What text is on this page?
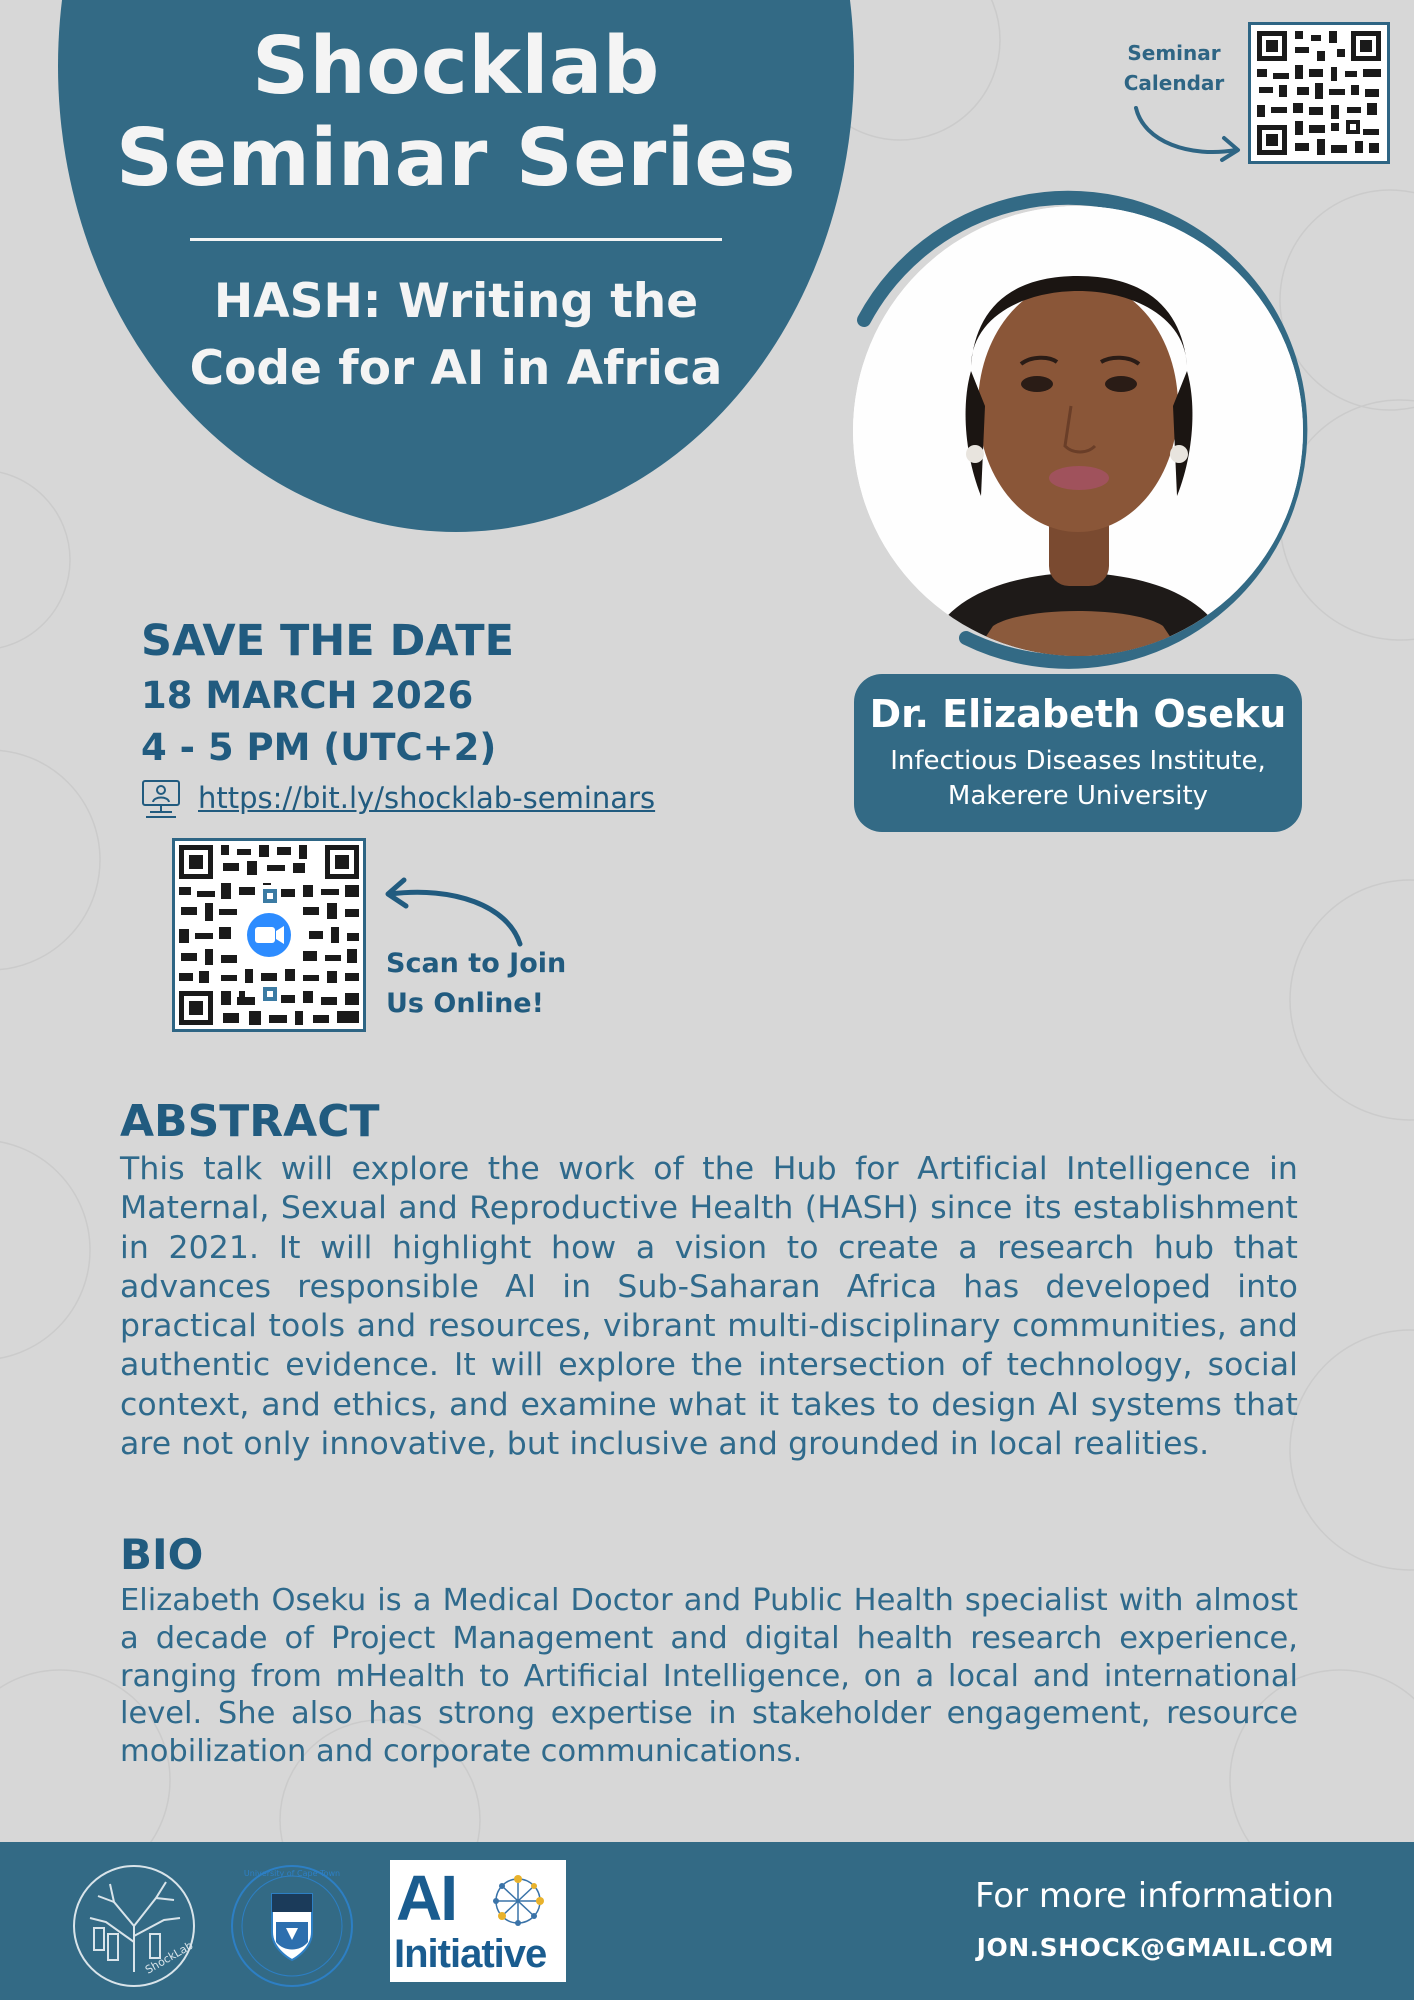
Shocklab
Seminar Series
HASH: Writing the Code for AI in Africa
Seminar
Calendar
Dr. Elizabeth Oseku
Infectious Diseases Institute,
Makerere University
SAVE THE DATE
18 MARCH 2026
4 - 5 PM (UTC+2)
https://bit.ly/shocklab-seminars
Scan to Join
Us Online!
ABSTRACT
This talk will explore the work of the Hub for Artificial Intelligence in Maternal, Sexual and Reproductive Health (HASH) since its establishment in 2021. It will highlight how a vision to create a research hub that advances responsible AI in Sub-Saharan Africa has developed into practical tools and resources, vibrant multi-disciplinary communities, and authentic evidence. It will explore the intersection of technology, social context, and ethics, and examine what it takes to design AI systems that are not only innovative, but inclusive and grounded in local realities.
BIO
Elizabeth Oseku is a Medical Doctor and Public Health specialist with almost a decade of Project Management and digital health research experience, ranging from mHealth to Artificial Intelligence, on a local and international level. She also has strong expertise in stakeholder engagement, resource mobilization and corporate communications.
ShockLab
University of Cape Town AI
Initiative
For more information
JON.SHOCK@GMAIL.COM
